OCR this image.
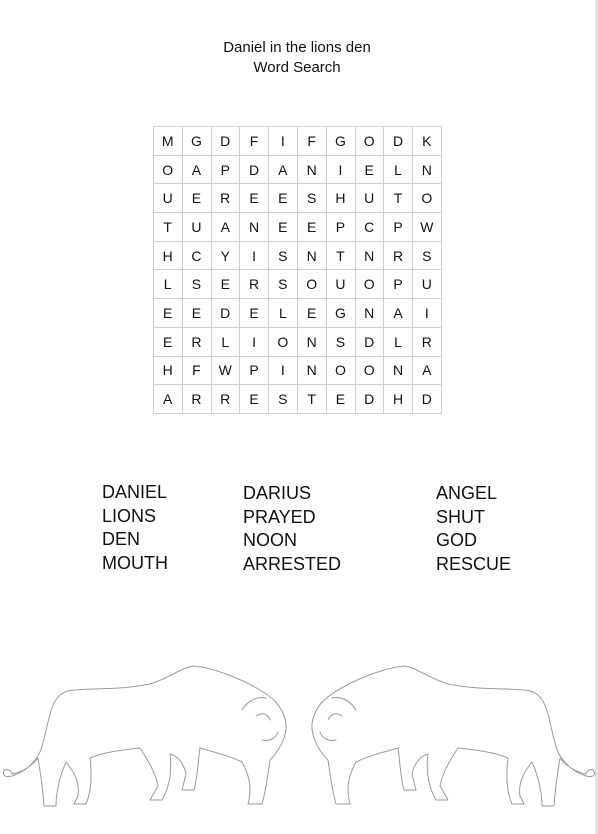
Daniel in the lions den
Word Search
M	G	D	F	I	F	G	O	D	K
O	A	P	D	A	N	I	E	L	N
U	E	R	E	E	S	H	U	T	O
T	U	A	N	E	E	P	C	P	W
H	C	Y	I	S	N	T	N	R	S
L	S	E	R	S	O	U	O	P	U
E	E	D	E	L	E	G	N	A	I
E	R	L	I	O	N	S	D	L	R
H	F	W	P	I	N	O	O	N	A
A	R	R	E	S	T	E	D	H	D
DANIEL
LIONS
DEN
MOUTH
DARIUS
PRAYED
NOON
ARRESTED
ANGEL
SHUT
GOD
RESCUE
